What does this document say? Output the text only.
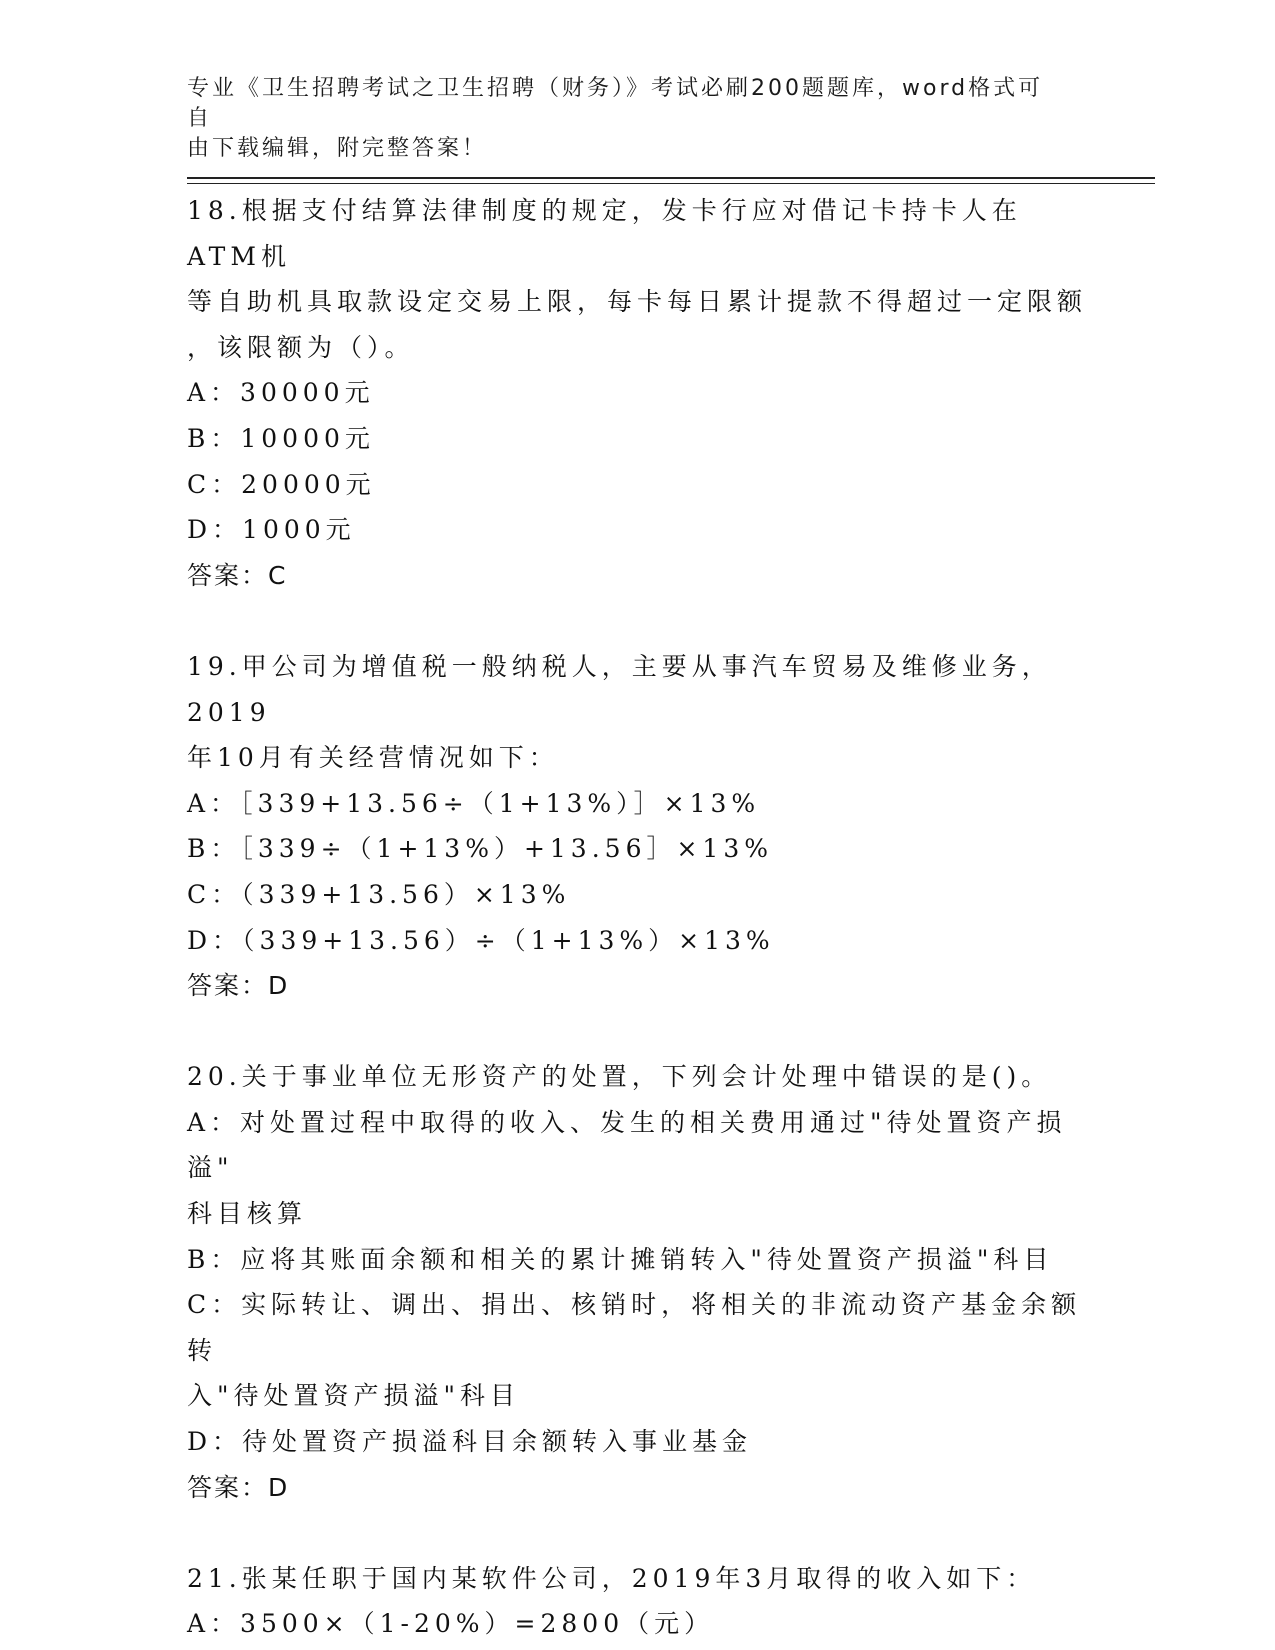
专业《卫生招聘考试之卫生招聘（财务）》考试必刷200题题库，word格式可自
由下载编辑，附完整答案！
18.根据支付结算法律制度的规定，发卡行应对借记卡持卡人在ATM机
等自助机具取款设定交易上限，每卡每日累计提款不得超过一定限额
，该限额为（）。
A：30000元
B：10000元
C：20000元
D：1000元
答案：C
19.甲公司为增值税一般纳税人，主要从事汽车贸易及维修业务，2019
年10月有关经营情况如下：
A：［339+13.56÷（1+13%）］×13%
B：［339÷（1+13%）+13.56］×13%
C：（339+13.56）×13%
D：（339+13.56）÷（1+13%）×13%
答案：D
20.关于事业单位无形资产的处置，下列会计处理中错误的是()。
A：对处置过程中取得的收入、发生的相关费用通过"待处置资产损溢"
科目核算
B：应将其账面余额和相关的累计摊销转入"待处置资产损溢"科目
C：实际转让、调出、捐出、核销时，将相关的非流动资产基金余额转
入"待处置资产损溢"科目
D：待处置资产损溢科目余额转入事业基金
答案：D
21.张某任职于国内某软件公司，2019年3月取得的收入如下：
A：3500×（1-20%）=2800（元）
